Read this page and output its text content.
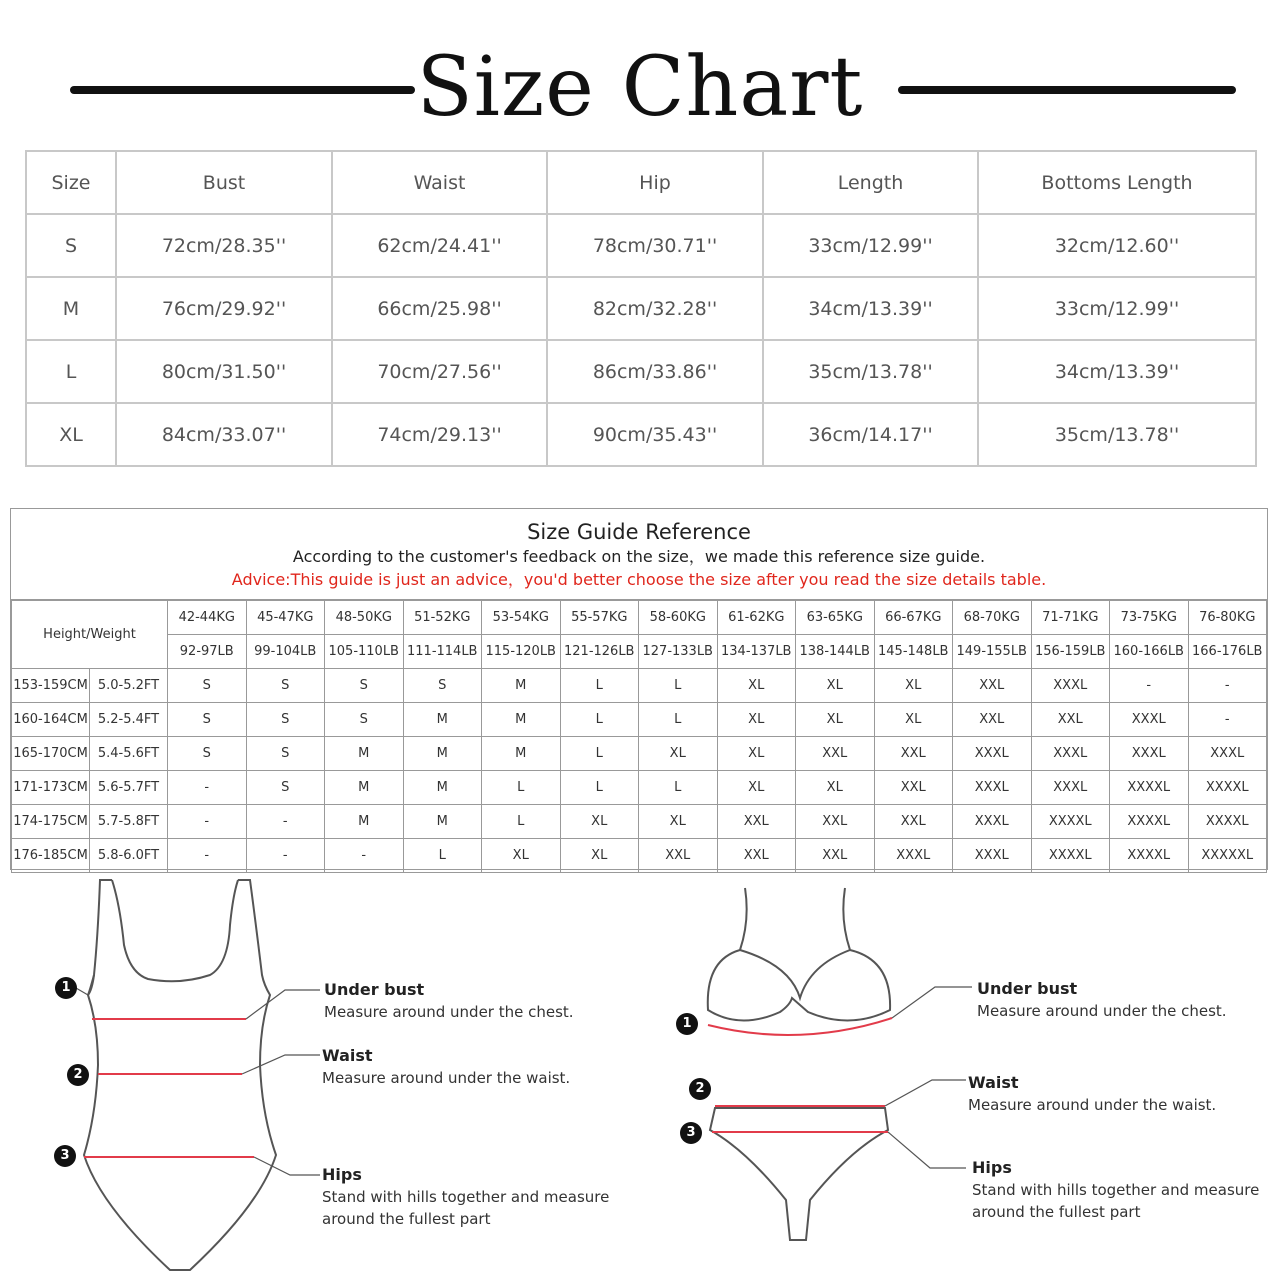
Size Chart
Size	Bust	Waist	Hip	Length	Bottoms Length
S	72cm/28.35''	62cm/24.41''	78cm/30.71''	33cm/12.99''	32cm/12.60''
M	76cm/29.92''	66cm/25.98''	82cm/32.28''	34cm/13.39''	33cm/12.99''
L	80cm/31.50''	70cm/27.56''	86cm/33.86''	35cm/13.78''	34cm/13.39''
XL	84cm/33.07''	74cm/29.13''	90cm/35.43''	36cm/14.17''	35cm/13.78''
Size Guide Reference
According to the customer's feedback on the size，we made this reference size guide.
Advice:This guide is just an advice，you'd better choose the size after you read the size details table.
Height/Weight		42-44KG	45-47KG	48-50KG	51-52KG	53-54KG	55-57KG	58-60KG	61-62KG	63-65KG	66-67KG	68-70KG	71-71KG	73-75KG	76-80KG
		92-97LB	99-104LB	105-110LB	111-114LB	115-120LB	121-126LB	127-133LB	134-137LB	138-144LB	145-148LB	149-155LB	156-159LB	160-166LB	166-176LB
153-159CM	5.0-5.2FT	S	S	S	S	M	L	L	XL	XL	XL	XXL	XXXL	-	-
160-164CM	5.2-5.4FT	S	S	S	M	M	L	L	XL	XL	XL	XXL	XXL	XXXL	-
165-170CM	5.4-5.6FT	S	S	M	M	M	L	XL	XL	XXL	XXL	XXXL	XXXL	XXXL	XXXL
171-173CM	5.6-5.7FT	-	S	M	M	L	L	L	XL	XL	XXL	XXXL	XXXL	XXXXL	XXXXL
174-175CM	5.7-5.8FT	-	-	M	M	L	XL	XL	XXL	XXL	XXL	XXXL	XXXXL	XXXXL	XXXXL
176-185CM	5.8-6.0FT	-	-	-	L	XL	XL	XXL	XXL	XXL	XXXL	XXXL	XXXXL	XXXXL	XXXXXL
1
2
3
Under bust
Measure around under the chest.
Waist
Measure around under the waist.
Hips
Stand with hills together and measure
around the fullest part
1
2
3
Under bust
Measure around under the chest.
Waist
Measure around under the waist.
Hips
Stand with hills together and measure
around the fullest part
